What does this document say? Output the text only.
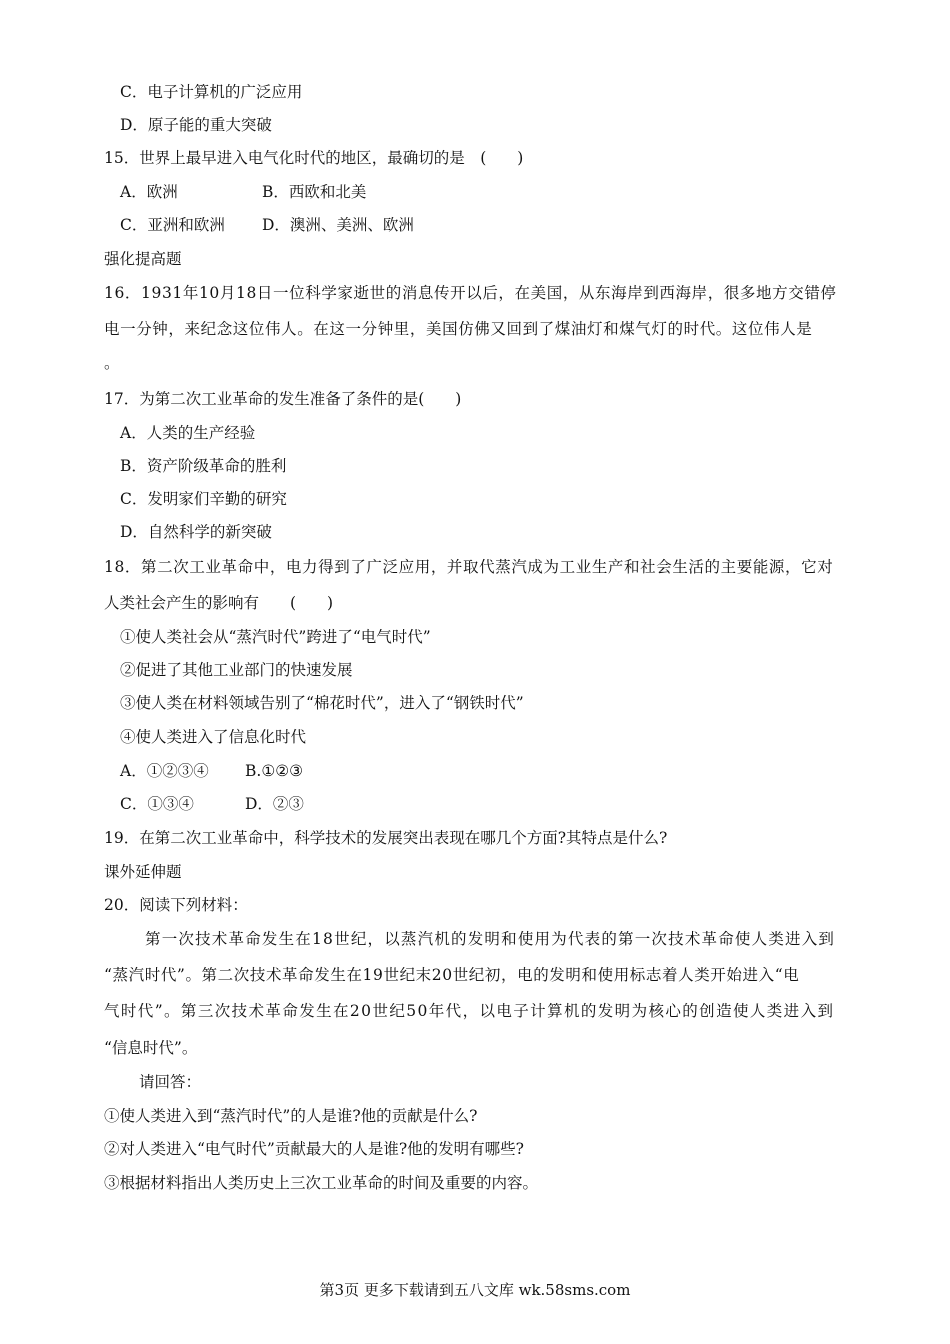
C．电子计算机的广泛应用
D．原子能的重大突破
15．世界上最早进入电气化时代的地区，最确切的是　(　　)
A．欧洲	B．西欧和北美
C．亚洲和欧洲 D．澳洲、美洲、欧洲
强化提高题
16．1931年10月18日一位科学家逝世的消息传开以后，在美国，从东海岸到西海岸，很多地方交错停
电一分钟，来纪念这位伟人。在这一分钟里，美国仿佛又回到了煤油灯和煤气灯的时代。这位伟人是
。
17．为第二次工业革命的发生准备了条件的是(　　)
A．人类的生产经验
B．资产阶级革命的胜利
C．发明家们辛勤的研究
D．自然科学的新突破
18．第二次工业革命中，电力得到了广泛应用，并取代蒸汽成为工业生产和社会生活的主要能源，它对
人类社会产生的影响有　　(　　)
①使人类社会从“蒸汽时代”跨进了“电气时代”
②促进了其他工业部门的快速发展
③使人类在材料领域告别了“棉花时代”，进入了“钢铁时代”
④使人类进入了信息化时代
A．①②③④ B.①②③
C．①③④	D．②③
19．在第二次工业革命中，科学技术的发展突出表现在哪几个方面?其特点是什么?
课外延伸题
20．阅读下列材料：
第一次技术革命发生在18世纪，以蒸汽机的发明和使用为代表的第一次技术革命使人类进入到
“蒸汽时代”。第二次技术革命发生在19世纪末20世纪初，电的发明和使用标志着人类开始进入“电
气时代”。第三次技术革命发生在20世纪50年代，以电子计算机的发明为核心的创造使人类进入到
“信息时代”。
请回答：
①使人类进入到“蒸汽时代”的人是谁?他的贡献是什么?
②对人类进入“电气时代”贡献最大的人是谁?他的发明有哪些?
③根据材料指出人类历史上三次工业革命的时间及重要的内容。
第3页 更多下载请到五八文库 wk.58sms.com
